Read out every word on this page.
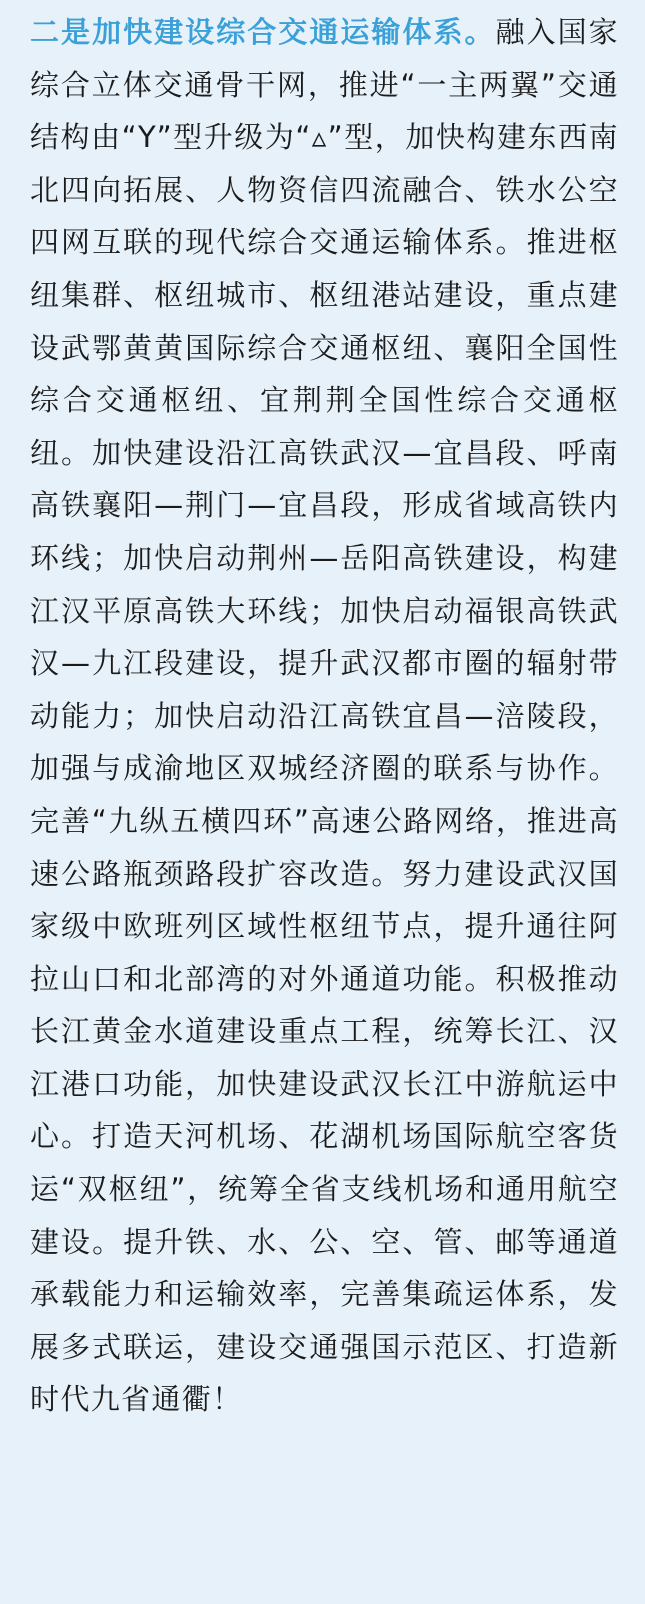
二是加快建设综合交通运输体系。融入国家综合立体交通骨干网，推进“一主两翼”交通结构由“Y”型升级为“▵”型，加快构建东西南北四向拓展、人物资信四流融合、铁水公空四网互联的现代综合交通运输体系。推进枢纽集群、枢纽城市、枢纽港站建设，重点建设武鄂黄黄国际综合交通枢纽、襄阳全国性综合交通枢纽、宜荆荆全国性综合交通枢纽。加快建设沿江高铁武汉—宜昌段、呼南高铁襄阳—荆门—宜昌段，形成省域高铁内环线；加快启动荆州—岳阳高铁建设，构建江汉平原高铁大环线；加快启动福银高铁武汉—九江段建设，提升武汉都市圈的辐射带动能力；加快启动沿江高铁宜昌—涪陵段，加强与成渝地区双城经济圈的联系与协作。完善“九纵五横四环”高速公路网络，推进高速公路瓶颈路段扩容改造。努力建设武汉国家级中欧班列区域性枢纽节点，提升通往阿拉山口和北部湾的对外通道功能。积极推动长江黄金水道建设重点工程，统筹长江、汉江港口功能，加快建设武汉长江中游航运中心。打造天河机场、花湖机场国际航空客货运“双枢纽”，统筹全省支线机场和通用航空建设。提升铁、水、公、空、管、邮等通道承载能力和运输效率，完善集疏运体系，发展多式联运，建设交通强国示范区、打造新时代九省通衢！
